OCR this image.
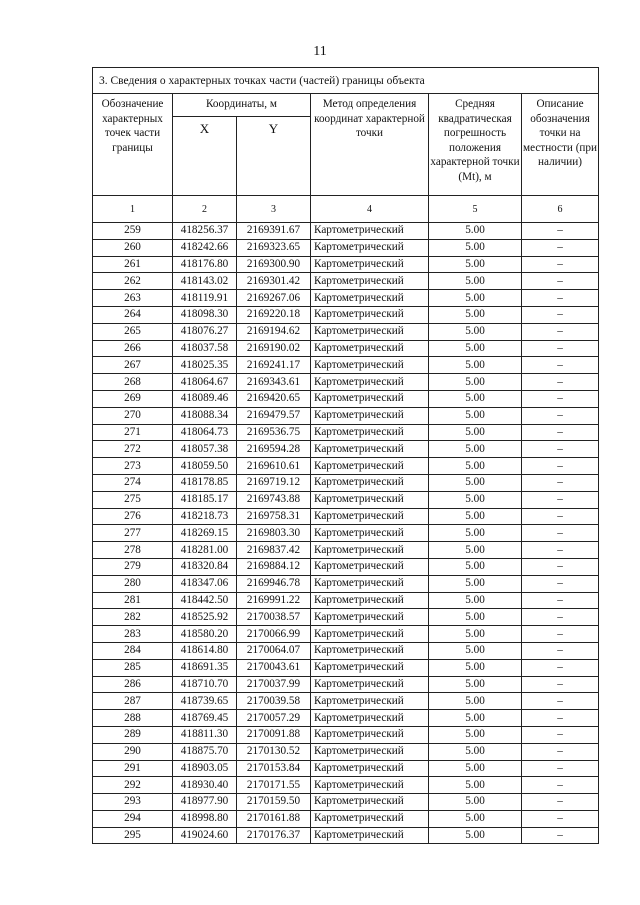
11
3. Сведения о характерных точках части (частей) границы объекта					
Обозначение характерных точек части границы	Координаты, м		Метод определения координат характерной точки	Средняя квадратическая погрешность положения характерной точки (Mt), м	Описание обозначения точки на местности (при наличии)
	X	Y			
1	2	3	4	5	6
259	418256.37	2169391.67	Картометрический	5.00	–
260	418242.66	2169323.65	Картометрический	5.00	–
261	418176.80	2169300.90	Картометрический	5.00	–
262	418143.02	2169301.42	Картометрический	5.00	–
263	418119.91	2169267.06	Картометрический	5.00	–
264	418098.30	2169220.18	Картометрический	5.00	–
265	418076.27	2169194.62	Картометрический	5.00	–
266	418037.58	2169190.02	Картометрический	5.00	–
267	418025.35	2169241.17	Картометрический	5.00	–
268	418064.67	2169343.61	Картометрический	5.00	–
269	418089.46	2169420.65	Картометрический	5.00	–
270	418088.34	2169479.57	Картометрический	5.00	–
271	418064.73	2169536.75	Картометрический	5.00	–
272	418057.38	2169594.28	Картометрический	5.00	–
273	418059.50	2169610.61	Картометрический	5.00	–
274	418178.85	2169719.12	Картометрический	5.00	–
275	418185.17	2169743.88	Картометрический	5.00	–
276	418218.73	2169758.31	Картометрический	5.00	–
277	418269.15	2169803.30	Картометрический	5.00	–
278	418281.00	2169837.42	Картометрический	5.00	–
279	418320.84	2169884.12	Картометрический	5.00	–
280	418347.06	2169946.78	Картометрический	5.00	–
281	418442.50	2169991.22	Картометрический	5.00	–
282	418525.92	2170038.57	Картометрический	5.00	–
283	418580.20	2170066.99	Картометрический	5.00	–
284	418614.80	2170064.07	Картометрический	5.00	–
285	418691.35	2170043.61	Картометрический	5.00	–
286	418710.70	2170037.99	Картометрический	5.00	–
287	418739.65	2170039.58	Картометрический	5.00	–
288	418769.45	2170057.29	Картометрический	5.00	–
289	418811.30	2170091.88	Картометрический	5.00	–
290	418875.70	2170130.52	Картометрический	5.00	–
291	418903.05	2170153.84	Картометрический	5.00	–
292	418930.40	2170171.55	Картометрический	5.00	–
293	418977.90	2170159.50	Картометрический	5.00	–
294	418998.80	2170161.88	Картометрический	5.00	–
295	419024.60	2170176.37	Картометрический	5.00	–
